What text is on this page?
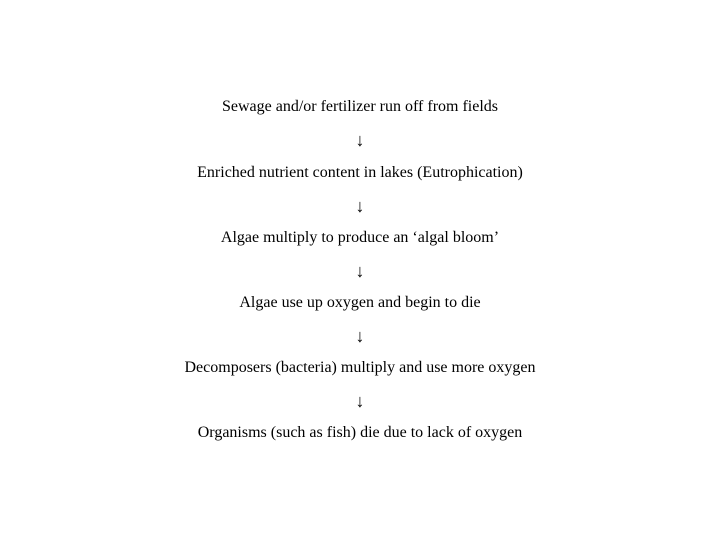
Sewage and/or fertilizer run off from fields
↓
Enriched nutrient content in lakes (Eutrophication)
↓
Algae multiply to produce an ‘algal bloom’
↓
Algae use up oxygen and begin to die
↓
Decomposers (bacteria) multiply and use more oxygen
↓
Organisms (such as fish) die due to lack of oxygen
